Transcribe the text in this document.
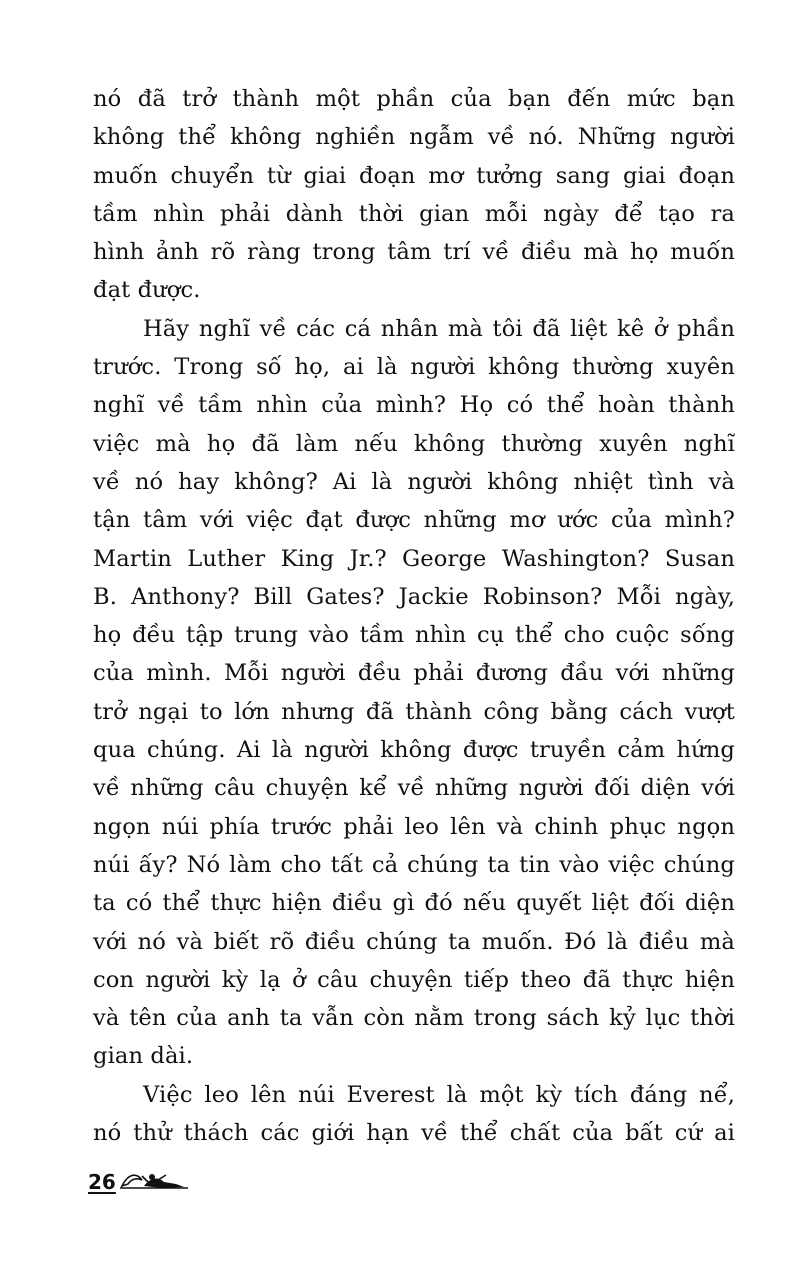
nó đã trở thành một phần của bạn đến mức bạn
không thể không nghiền ngẫm về nó. Những người
muốn chuyển từ giai đoạn mơ tưởng sang giai đoạn
tầm nhìn phải dành thời gian mỗi ngày để tạo ra
hình ảnh rõ ràng trong tâm trí về điều mà họ muốn
đạt được.
Hãy nghĩ về các cá nhân mà tôi đã liệt kê ở phần
trước. Trong số họ, ai là người không thường xuyên
nghĩ về tầm nhìn của mình? Họ có thể hoàn thành
việc mà họ đã làm nếu không thường xuyên nghĩ
về nó hay không? Ai là người không nhiệt tình và
tận tâm với việc đạt được những mơ ước của mình?
Martin Luther King Jr.? George Washington? Susan
B. Anthony? Bill Gates? Jackie Robinson? Mỗi ngày,
họ đều tập trung vào tầm nhìn cụ thể cho cuộc sống
của mình. Mỗi người đều phải đương đầu với những
trở ngại to lớn nhưng đã thành công bằng cách vượt
qua chúng. Ai là người không được truyền cảm hứng
về những câu chuyện kể về những người đối diện với
ngọn núi phía trước phải leo lên và chinh phục ngọn
núi ấy? Nó làm cho tất cả chúng ta tin vào việc chúng
ta có thể thực hiện điều gì đó nếu quyết liệt đối diện
với nó và biết rõ điều chúng ta muốn. Đó là điều mà
con người kỳ lạ ở câu chuyện tiếp theo đã thực hiện
và tên của anh ta vẫn còn nằm trong sách kỷ lục thời
gian dài.
Việc leo lên núi Everest là một kỳ tích đáng nể,
nó thử thách các giới hạn về thể chất của bất cứ ai
26
